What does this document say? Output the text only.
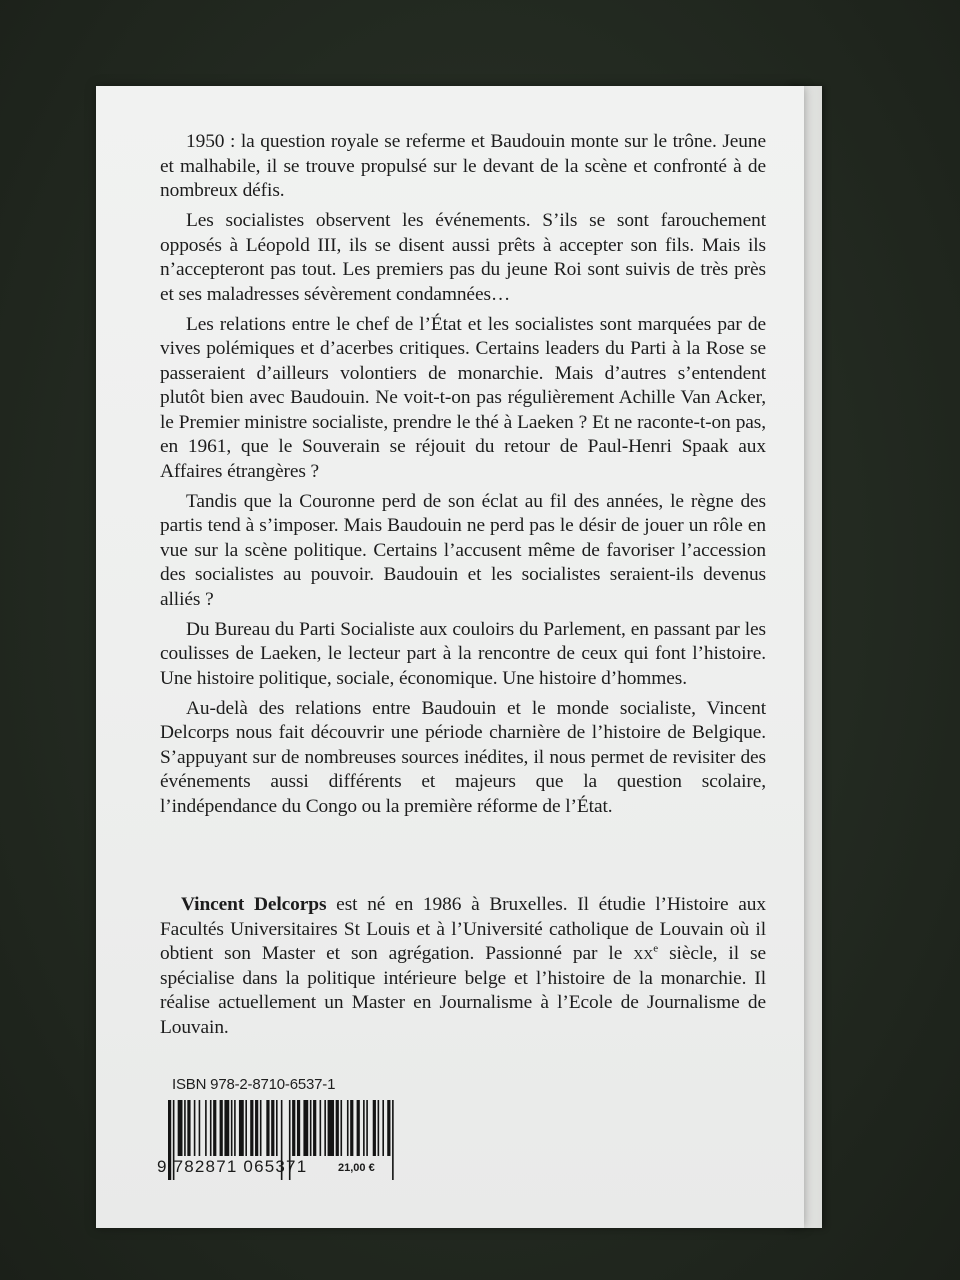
1950 : la question royale se referme et Baudouin monte sur le trône. Jeune et malhabile, il se trouve propulsé sur le devant de la scène et confronté à de nombreux défis.

Les socialistes observent les événements. S’ils se sont farouchement opposés à Léopold III, ils se disent aussi prêts à accepter son fils. Mais ils n’accepteront pas tout. Les premiers pas du jeune Roi sont suivis de très près et ses maladresses sévèrement condamnées…

Les relations entre le chef de l’État et les socialistes sont marquées par de vives polémiques et d’acerbes critiques. Certains leaders du Parti à la Rose se passeraient d’ailleurs volontiers de monarchie. Mais d’autres s’entendent plutôt bien avec Baudouin. Ne voit-t-on pas régulièrement Achille Van Acker, le Premier ministre socialiste, prendre le thé à Laeken ? Et ne raconte-t-on pas, en 1961, que le Souverain se réjouit du retour de Paul-Henri Spaak aux Affaires étrangères ?

Tandis que la Couronne perd de son éclat au fil des années, le règne des partis tend à s’imposer. Mais Baudouin ne perd pas le désir de jouer un rôle en vue sur la scène politique. Certains l’accusent même de favoriser l’accession des socialistes au pouvoir. Baudouin et les socialistes seraient-ils devenus alliés ?

Du Bureau du Parti Socialiste aux couloirs du Parlement, en passant par les coulisses de Laeken, le lecteur part à la rencontre de ceux qui font l’histoire. Une histoire politique, sociale, économique. Une histoire d’hommes.

Au-delà des relations entre Baudouin et le monde socialiste, Vincent Delcorps nous fait découvrir une période charnière de l’histoire de Belgique. S’appuyant sur de nombreuses sources inédites, il nous permet de revisiter des événements aussi différents et majeurs que la question scolaire, l’indépendance du Congo ou la première réforme de l’État.

Vincent Delcorps est né en 1986 à Bruxelles. Il étudie l’Histoire aux Facultés Universitaires St Louis et à l’Université catholique de Louvain où il obtient son Master et son agrégation. Passionné par le $xx^e$ siècle, il se spécialise dans la politique intérieure belge et l’histoire de la monarchie. Il réalise actuellement un Master en Journalisme à l’Ecole de Journalisme de Louvain.

ISBN 978-2-8710-6537-1
9 782871 065371	21,00 €
